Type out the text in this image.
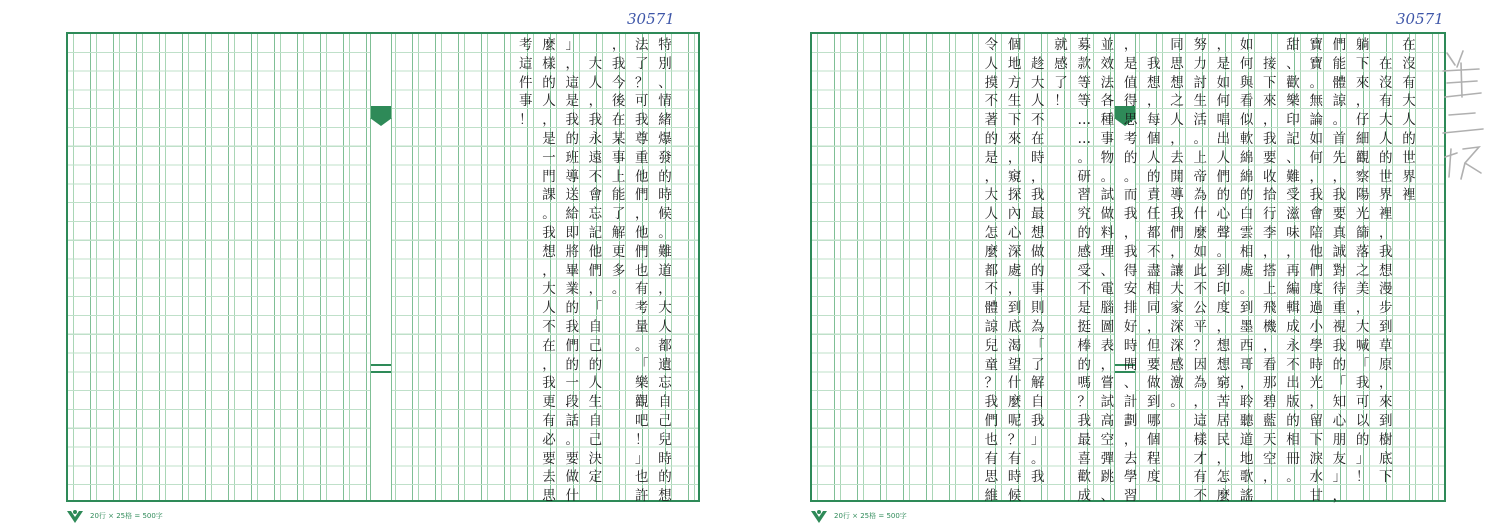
30571
特
別
、
情
緒
爆
發
的
時
候
。
難
道
，
大
人
都
遺
忘
自
己
兒
時
的
想
法
了
？
可
我
尊
重
他
們
，
他
們
也
有
考
量
。
「
樂
觀
吧
！
」
也
許
，
我
今
後
在
某
事
上
能
了
解
更
多
。

大
人
，
我
永
遠
不
會
忘
記
他
們
，
「
自
己
的
人
生
自
己
決
定
」
，
這
是
我
的
班
導
送
給
即
將
畢
業
的
我
們
的
一
段
話
。
要
做
什
麼
樣
的
人
，
是
一
門
課
。
我
想
，
大
人
不
在
，
我
更
有
必
要
去
思
考
這
件
事
！
20行 × 25格 = 500字
30571
在
沒
有
大
人
的
世
界
裡

在
沒
有
大
人
的
世
界
裡
，
我
想
漫
步
到
草
原
，
來
到
樹
底
下
躺
下
來
，
仔
細
觀
察
陽
光
篩
落
之
美
，
大
喊
「
我
可
以
的
」
！
們
能
體
諒
。
首
先
，
我
要
真
誠
對
待
重
視
我
的
「
知
心
朋
友
」
，
寶
寶
。
無
論
如
何
，
我
會
陪
他
們
度
過
小
學
時
光
，
留
下
淚
水
甘
甜
、
歡
樂
印
記
、
難
受
滋
味
，
再
編
輯
成
永
不
出
版
的
相
冊
。

接
下
來
，
我
要
收
拾
行
李
，
搭
上
飛
機
，
看
那
碧
藍
天
空
，
如
何
與
看
似
軟
綿
綿
的
白
雲
相
處
。
到
墨
西
哥
，
聆
聽
道
地
歌
謠
，
是
如
何
唱
出
人
們
的
心
聲
。
到
印
度
，
想
想
窮
苦
居
民
，
怎
麼
努
力
討
生
活
。
上
帝
為
什
麼
如
此
不
公
平
？
因
為
，
這
樣
才
有
不
同
思
想
之
人
，
去
開
導
我
們
，
讓
大
家
深
深
感
激
。

我
想
，
每
個
人
的
責
任
都
不
盡
相
同
，
但
要
做
到
哪
個
程
度
，
是
值
得
思
考
的
。
而
我
，
我
得
安
排
好
時
間
、
計
劃
，
去
學
習
並
效
法
各
種
事
物
。
試
做
料
理
、
電
腦
圖
表
，
嘗
試
高
空
彈
跳
、
募
款
等
等
…
…
。
研
習
究
的
感
受
不
是
挺
棒
的
嗎
？
我
最
喜
歡
成
就
感
了
！

趁
大
人
不
在
時
，
我
最
想
做
的
事
則
為
「
了
解
自
我
」
。
我
個
地
方
生
下
來
，
窺
探
內
心
深
處
，
到
底
渴
望
什
麼
呢
？
有
時
候
令
人
摸
不
著
的
是
，
大
人
怎
麼
都
不
體
諒
兒
童
？
我
們
也
有
思
維
20行 × 25格 = 500字
